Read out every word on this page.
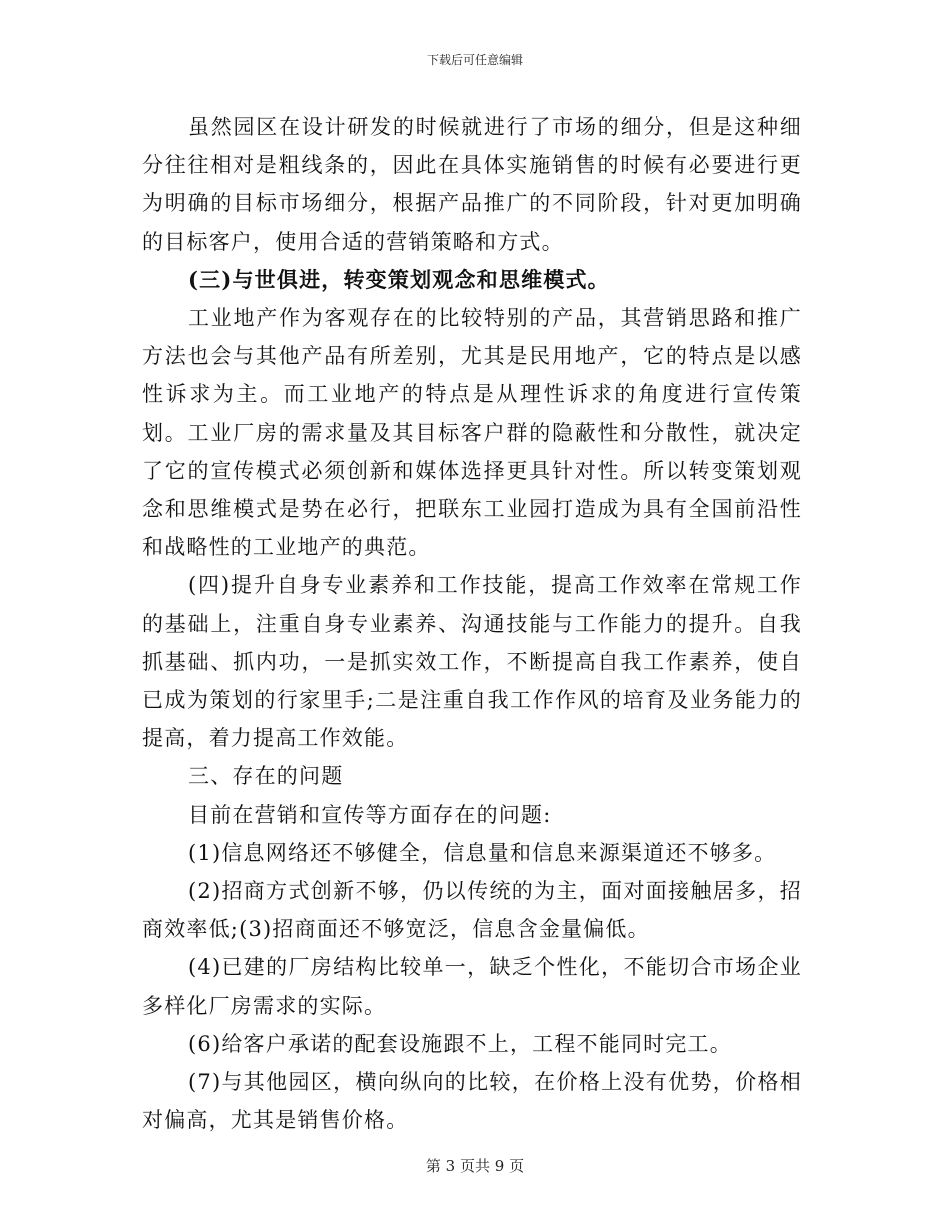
下载后可任意编辑

虽然园区在设计研发的时候就进行了市场的细分，但是这种细分往往相对是粗线条的，因此在具体实施销售的时候有必要进行更为明确的目标市场细分，根据产品推广的不同阶段，针对更加明确的目标客户，使用合适的营销策略和方式。

(三)与世俱进，转变策划观念和思维模式。

工业地产作为客观存在的比较特别的产品，其营销思路和推广方法也会与其他产品有所差别，尤其是民用地产，它的特点是以感性诉求为主。而工业地产的特点是从理性诉求的角度进行宣传策划。工业厂房的需求量及其目标客户群的隐蔽性和分散性，就决定了它的宣传模式必须创新和媒体选择更具针对性。所以转变策划观念和思维模式是势在必行，把联东工业园打造成为具有全国前沿性和战略性的工业地产的典范。

(四)提升自身专业素养和工作技能，提高工作效率在常规工作的基础上，注重自身专业素养、沟通技能与工作能力的提升。自我抓基础、抓内功，一是抓实效工作，不断提高自我工作素养，使自已成为策划的行家里手;二是注重自我工作作风的培育及业务能力的提高，着力提高工作效能。

三、存在的问题

目前在营销和宣传等方面存在的问题:

(1)信息网络还不够健全，信息量和信息来源渠道还不够多。

(2)招商方式创新不够，仍以传统的为主，面对面接触居多，招商效率低;(3)招商面还不够宽泛，信息含金量偏低。

(4)已建的厂房结构比较单一，缺乏个性化，不能切合市场企业多样化厂房需求的实际。

(6)给客户承诺的配套设施跟不上，工程不能同时完工。

(7)与其他园区，横向纵向的比较，在价格上没有优势，价格相对偏高，尤其是销售价格。

第 3 页共 9 页
